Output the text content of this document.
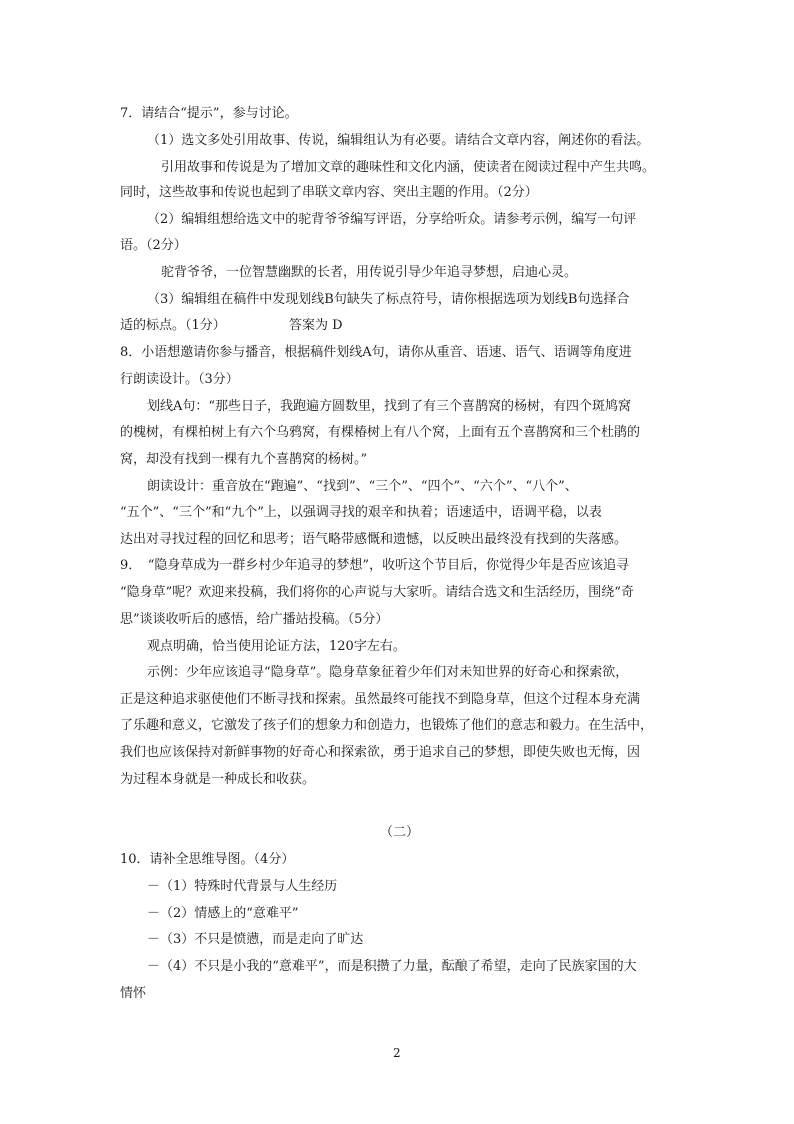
7．请结合“提示”，参与讨论。
（1）选文多处引用故事、传说，编辑组认为有必要。请结合文章内容，阐述你的看法。
引用故事和传说是为了增加文章的趣味性和文化内涵，使读者在阅读过程中产生共鸣。
同时，这些故事和传说也起到了串联文章内容、突出主题的作用。（2分）
（2）编辑组想给选文中的驼背爷爷编写评语，分享给听众。请参考示例，编写一句评
语。（2分）
驼背爷爷，一位智慧幽默的长者，用传说引导少年追寻梦想，启迪心灵。
（3）编辑组在稿件中发现划线B句缺失了标点符号，请你根据选项为划线B句选择合
适的标点。（1分）	答案为 D
8．小语想邀请你参与播音，根据稿件划线A句，请你从重音、语速、语气、语调等角度进
行朗读设计。（3分）
划线A句：“那些日子，我跑遍方圆数里，找到了有三个喜鹊窝的杨树，有四个斑鸠窝
的槐树，有棵柏树上有六个乌鸦窝，有棵椿树上有八个窝，上面有五个喜鹊窝和三个杜鹃的
窝，却没有找到一棵有九个喜鹊窝的杨树。”
朗读设计：重音放在“跑遍”、“找到”、“三个”、“四个”、“六个”、“八个”、
“五个”、“三个”和“九个”上，以强调寻找的艰辛和执着；语速适中，语调平稳，以表
达出对寻找过程的回忆和思考；语气略带感慨和遗憾，以反映出最终没有找到的失落感。
9．　“隐身草成为一群乡村少年追寻的梦想”，收听这个节目后，你觉得少年是否应该追寻
“隐身草”呢？欢迎来投稿，我们将你的心声说与大家听。请结合选文和生活经历，围绕“奇
思”谈谈收听后的感悟，给广播站投稿。（5分）
观点明确，恰当使用论证方法，120字左右。
示例：少年应该追寻“隐身草”。隐身草象征着少年们对未知世界的好奇心和探索欲，
正是这种追求驱使他们不断寻找和探索。虽然最终可能找不到隐身草，但这个过程本身充满
了乐趣和意义，它激发了孩子们的想象力和创造力，也锻炼了他们的意志和毅力。在生活中，
我们也应该保持对新鲜事物的好奇心和探索欲，勇于追求自己的梦想，即使失败也无悔，因
为过程本身就是一种成长和收获。
（二）
10．请补全思维导图。（4分）
－（1）特殊时代背景与人生经历
－（2）情感上的“意难平”
－（3）不只是愤懑，而是走向了旷达
－（4）不只是小我的“意难平”，而是积攒了力量，酝酿了希望，走向了民族家国的大
情怀
2
